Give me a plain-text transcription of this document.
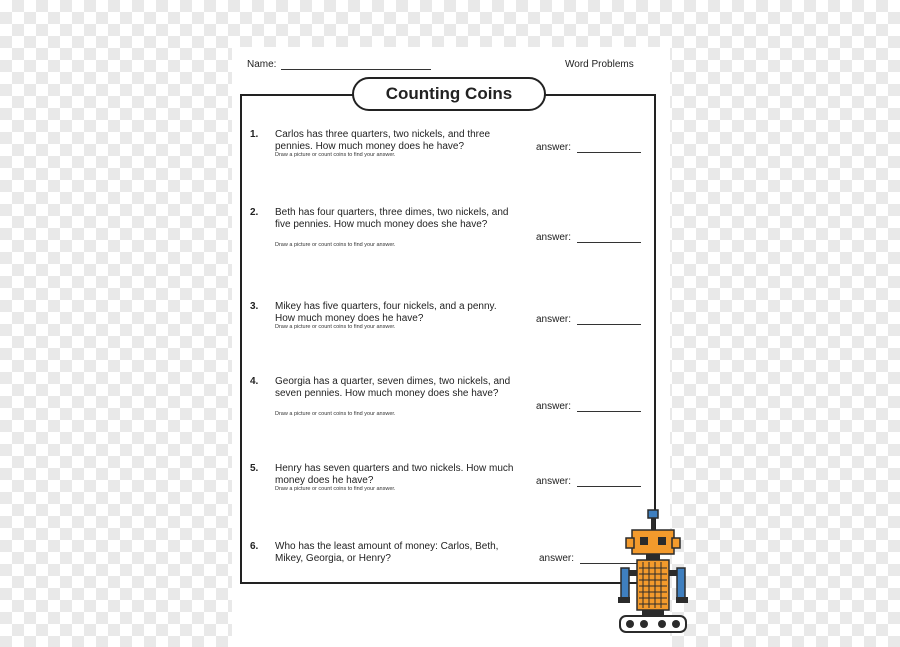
Name:	Word Problems
Counting Coins
1. Carlos has three quarters, two nickels, and three pennies. How much money does he have?
Draw a picture or count coins to find your answer.
answer:
2. Beth has four quarters, three dimes, two nickels, and five pennies. How much money does she have?
Draw a picture or count coins to find your answer.
answer:
3. Mikey has five quarters, four nickels, and a penny. How much money does he have?
Draw a picture or count coins to find your answer.
answer:
4. Georgia has a quarter, seven dimes, two nickels, and seven pennies. How much money does she have?
Draw a picture or count coins to find your answer.
answer:
5. Henry has seven quarters and two nickels. How much money does he have?
Draw a picture or count coins to find your answer.
answer:
6. Who has the least amount of money: Carlos, Beth, Mikey, Georgia, or Henry?	answer:
